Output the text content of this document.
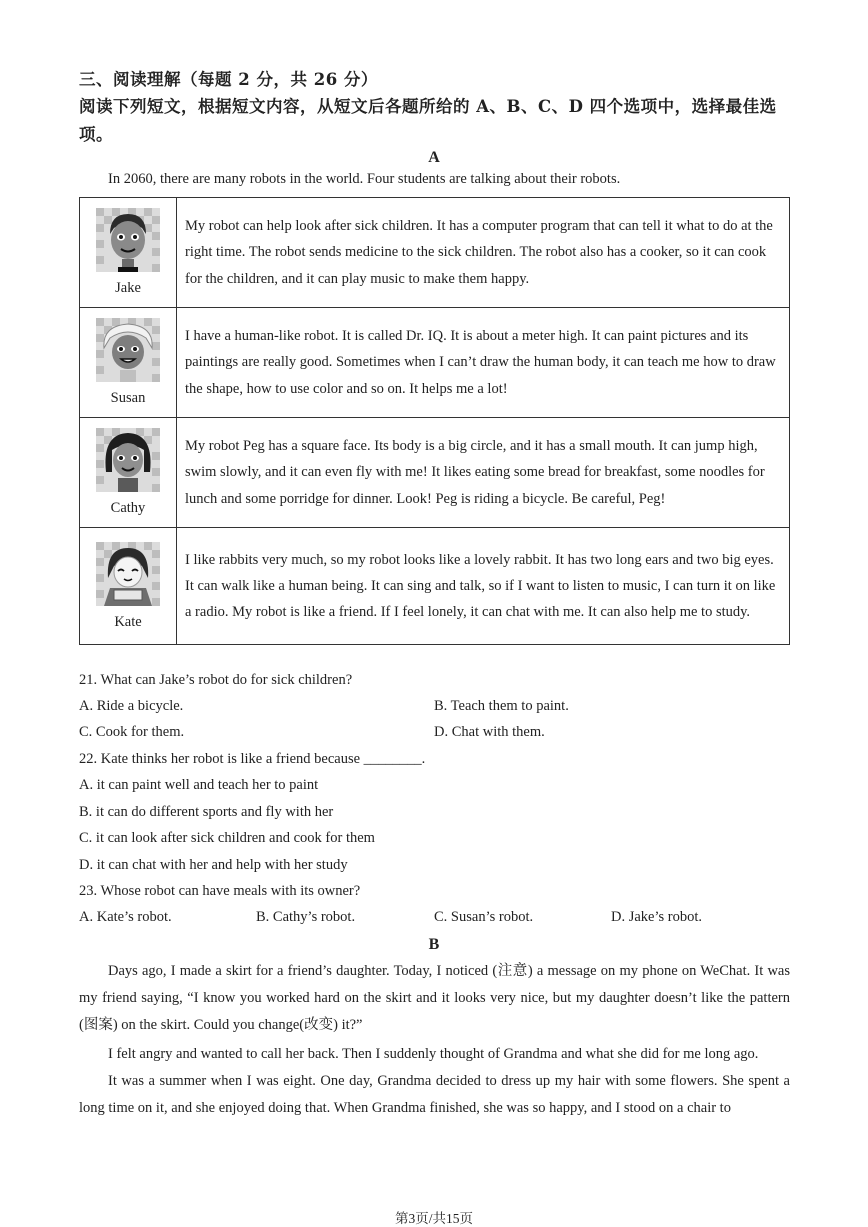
三、阅读理解（每题 2 分，共 26 分）
阅读下列短文，根据短文内容，从短文后各题所给的 A、B、C、D 四个选项中，选择最佳选项。
A
In 2060, there are many robots in the world. Four students are talking about their robots.
Jake	My robot can help look after sick children. It has a computer program that can tell it what to do at the right time. The robot sends medicine to the sick children. The robot also has a cooker, so it can cook for the children, and it can play music to make them happy.

Susan	I have a human-like robot. It is called Dr. IQ. It is about a meter high. It can paint pictures and its paintings are really good. Sometimes when I can’t draw the human body, it can teach me how to draw the shape, how to use color and so on. It helps me a lot!

Cathy	My robot Peg has a square face. Its body is a big circle, and it has a small mouth. It can jump high, swim slowly, and it can even fly with me! It likes eating some bread for breakfast, some noodles for lunch and some porridge for dinner. Look! Peg is riding a bicycle. Be careful, Peg!

Kate	I like rabbits very much, so my robot looks like a lovely rabbit. It has two long ears and two big eyes. It can walk like a human being. It can sing and talk, so if I want to listen to music, I can turn it on like a radio. My robot is like a friend. If I feel lonely, it can chat with me. It can also help me to study.
21. What can Jake’s robot do for sick children?
A. Ride a bicycle.	B. Teach them to paint.
C. Cook for them.	D. Chat with them.
22. Kate thinks her robot is like a friend because ________.
A. it can paint well and teach her to paint
B. it can do different sports and fly with her
C. it can look after sick children and cook for them
D. it can chat with her and help with her study
23. Whose robot can have meals with its owner?
A. Kate’s robot.	B. Cathy’s robot.	C. Susan’s robot.	D. Jake’s robot.
B
Days ago, I made a skirt for a friend’s daughter. Today, I noticed (注意) a message on my phone on WeChat. It was my friend saying, “I know you worked hard on the skirt and it looks very nice, but my daughter doesn’t like the pattern (图案) on the skirt. Could you change(改变) it?”
I felt angry and wanted to call her back. Then I suddenly thought of Grandma and what she did for me long ago.
It was a summer when I was eight. One day, Grandma decided to dress up my hair with some flowers. She spent a long time on it, and she enjoyed doing that. When Grandma finished, she was so happy, and I stood on a chair to
第3页/共15页
